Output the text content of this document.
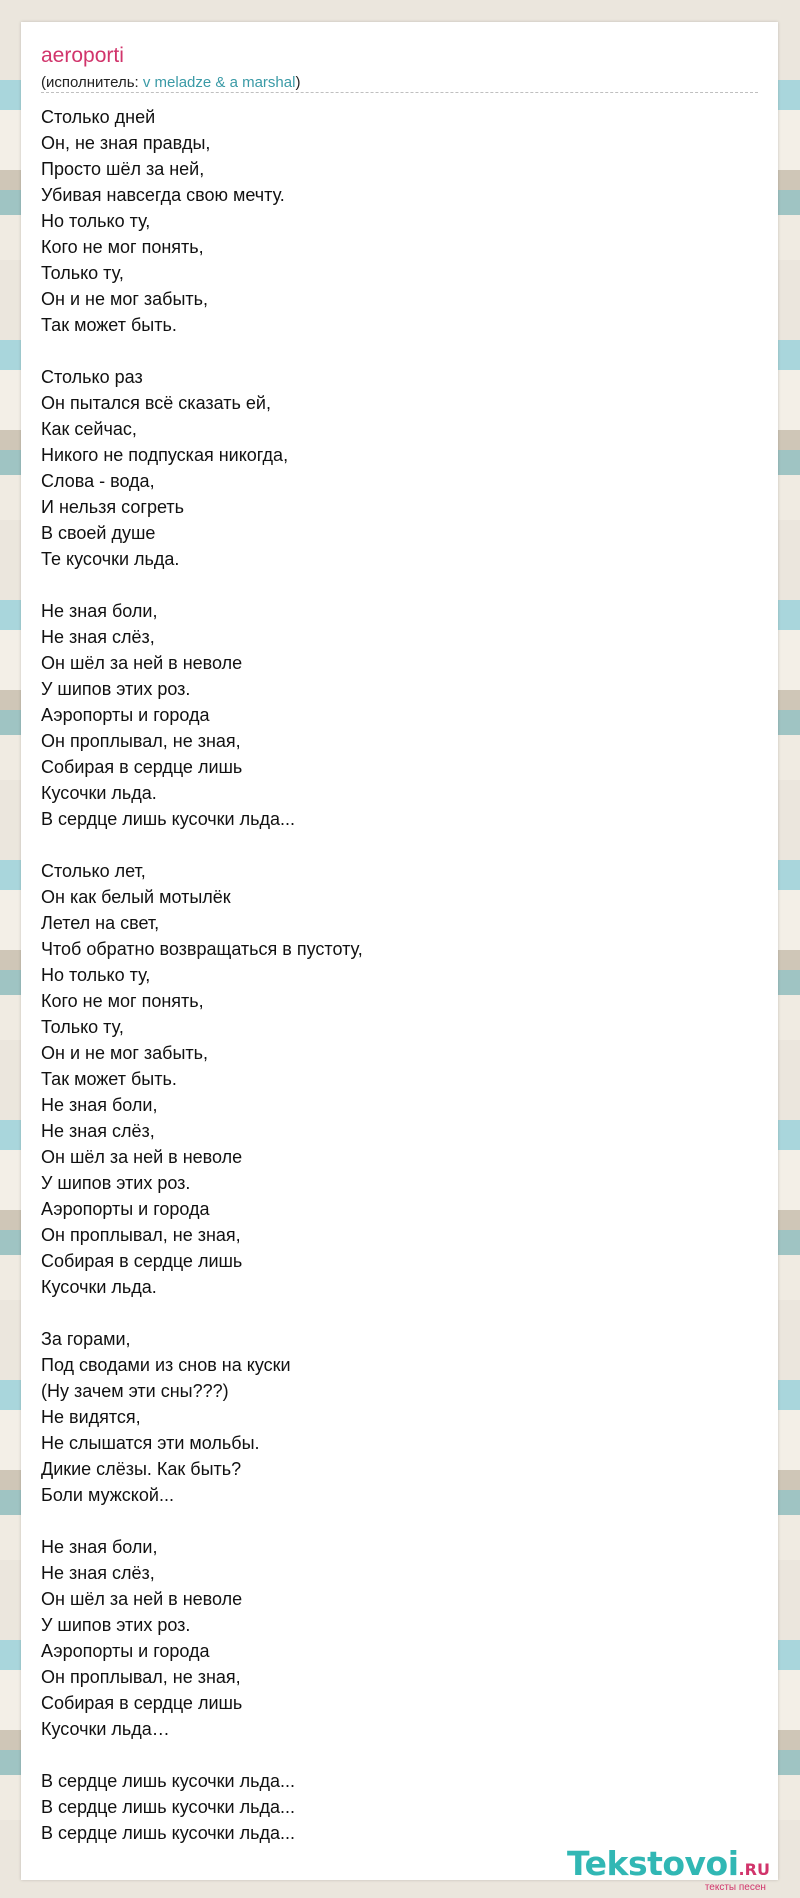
aeroporti
(исполнитель: v meladze & a marshal)
Столько дней
Он, не зная правды,
Просто шёл за ней,
Убивая навсегда свою мечту.
Но только ту,
Кого не мог понять,
Только ту,
Он и не мог забыть,
Так может быть.
Столько раз
Он пытался всё сказать ей,
Как сейчас,
Никого не подпуская никогда,
Слова - вода,
И нельзя согреть
В своей душе
Те кусочки льда.
Не зная боли,
Не зная слёз,
Он шёл за ней в неволе
У шипов этих роз.
Аэропорты и города
Он проплывал, не зная,
Собирая в сердце лишь
Кусочки льда.
В сердце лишь кусочки льда...
Столько лет,
Он как белый мотылёк
Летел на свет,
Чтоб обратно возвращаться в пустоту,
Но только ту,
Кого не мог понять,
Только ту,
Он и не мог забыть,
Так может быть.
Не зная боли,
Не зная слёз,
Он шёл за ней в неволе
У шипов этих роз.
Аэропорты и города
Он проплывал, не зная,
Собирая в сердце лишь
Кусочки льда.
За горами,
Под сводами из снов на куски
(Ну зачем эти сны???)
Не видятся,
Не слышатся эти мольбы.
Дикие слёзы. Как быть?
Боли мужской...
Не зная боли,
Не зная слёз,
Он шёл за ней в неволе
У шипов этих роз.
Аэропорты и города
Он проплывал, не зная,
Собирая в сердце лишь
Кусочки льда…
В сердце лишь кусочки льда...
В сердце лишь кусочки льда...
В сердце лишь кусочки льда...
Tekstovoi.RU
тексты песен
